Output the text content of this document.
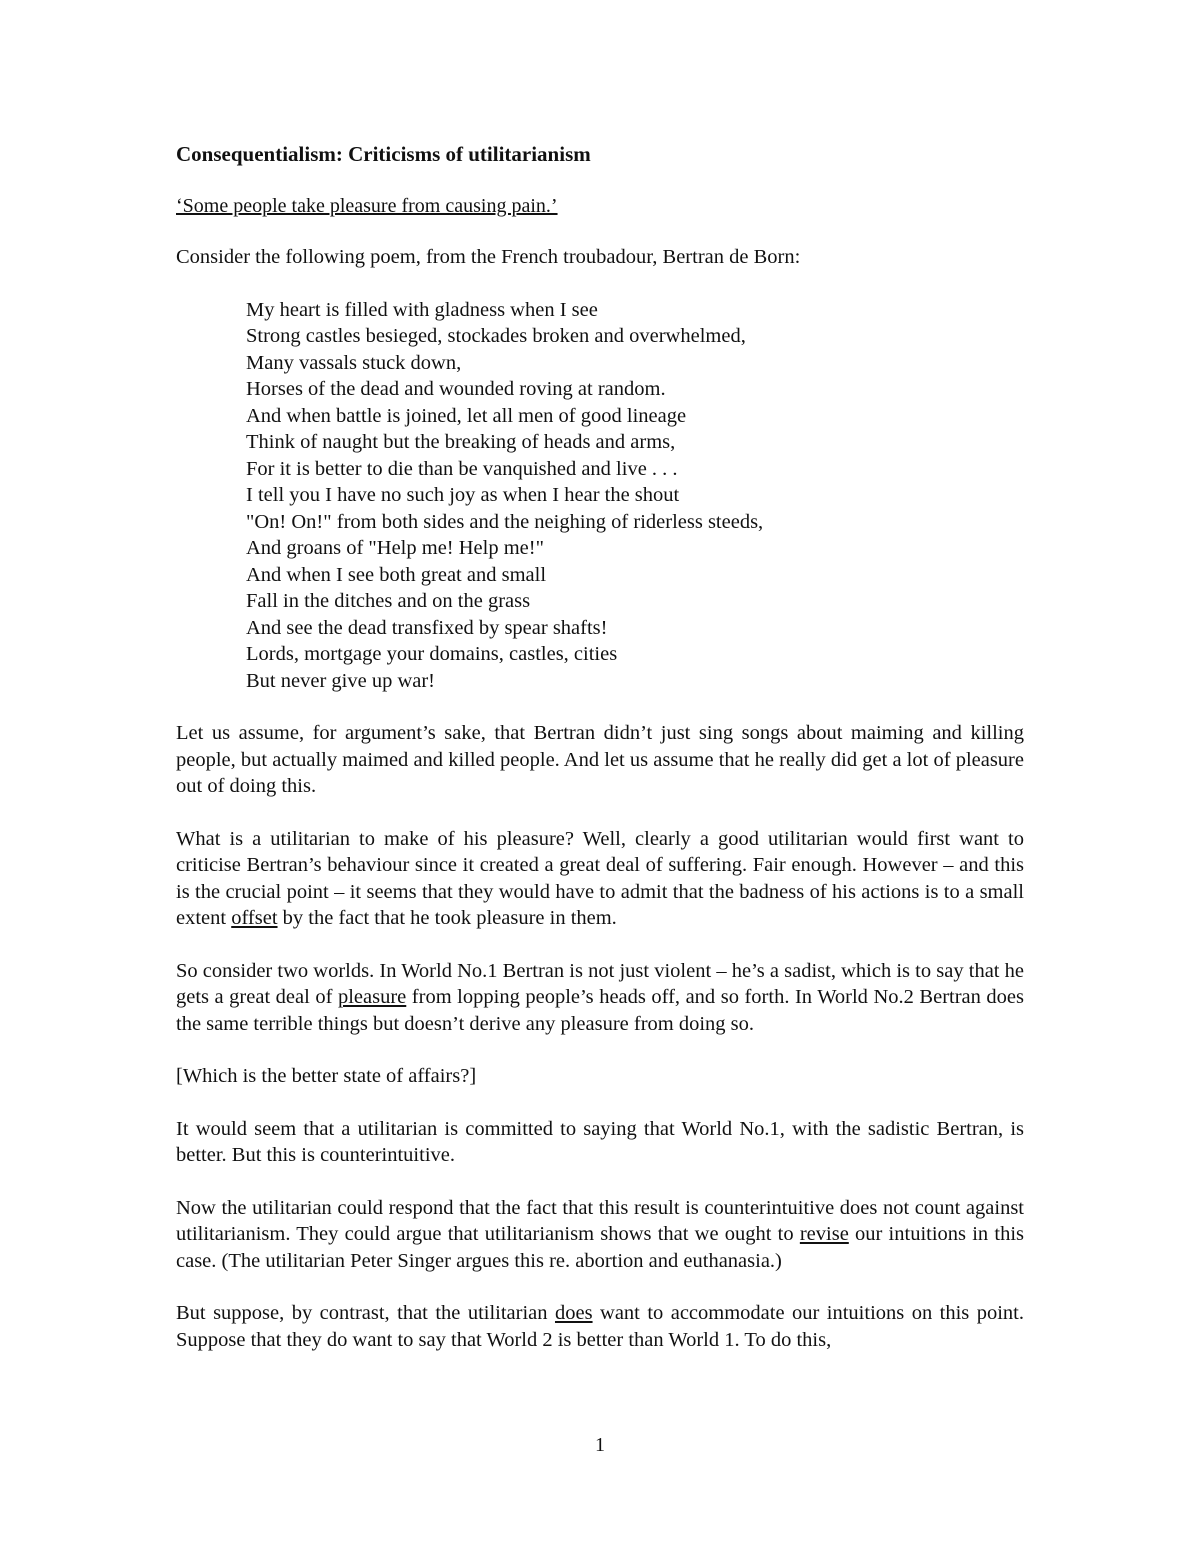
Consequentialism: Criticisms of utilitarianism
‘Some people take pleasure from causing pain.’

Consider the following poem, from the French troubadour, Bertran de Born:

My heart is filled with gladness when I see
Strong castles besieged, stockades broken and overwhelmed,
Many vassals stuck down,
Horses of the dead and wounded roving at random.
And when battle is joined, let all men of good lineage
Think of naught but the breaking of heads and arms,
For it is better to die than be vanquished and live . . .
I tell you I have no such joy as when I hear the shout
"On! On!" from both sides and the neighing of riderless steeds,
And groans of "Help me! Help me!"
And when I see both great and small
Fall in the ditches and on the grass
And see the dead transfixed by spear shafts!
Lords, mortgage your domains, castles, cities
But never give up war!

Let us assume, for argument’s sake, that Bertran didn’t just sing songs about maiming and killing people, but actually maimed and killed people. And let us assume that he really did get a lot of pleasure out of doing this.

What is a utilitarian to make of his pleasure? Well, clearly a good utilitarian would first want to criticise Bertran’s behaviour since it created a great deal of suffering. Fair enough. However – and this is the crucial point – it seems that they would have to admit that the badness of his actions is to a small extent offset by the fact that he took pleasure in them.

So consider two worlds. In World No.1 Bertran is not just violent – he’s a sadist, which is to say that he gets a great deal of pleasure from lopping people’s heads off, and so forth. In World No.2 Bertran does the same terrible things but doesn’t derive any pleasure from doing so.

[Which is the better state of affairs?]

It would seem that a utilitarian is committed to saying that World No.1, with the sadistic Bertran, is better. But this is counterintuitive.

Now the utilitarian could respond that the fact that this result is counterintuitive does not count against utilitarianism. They could argue that utilitarianism shows that we ought to revise our intuitions in this case. (The utilitarian Peter Singer argues this re. abortion and euthanasia.)

But suppose, by contrast, that the utilitarian does want to accommodate our intuitions on this point. Suppose that they do want to say that World 2 is better than World 1. To do this,

1
